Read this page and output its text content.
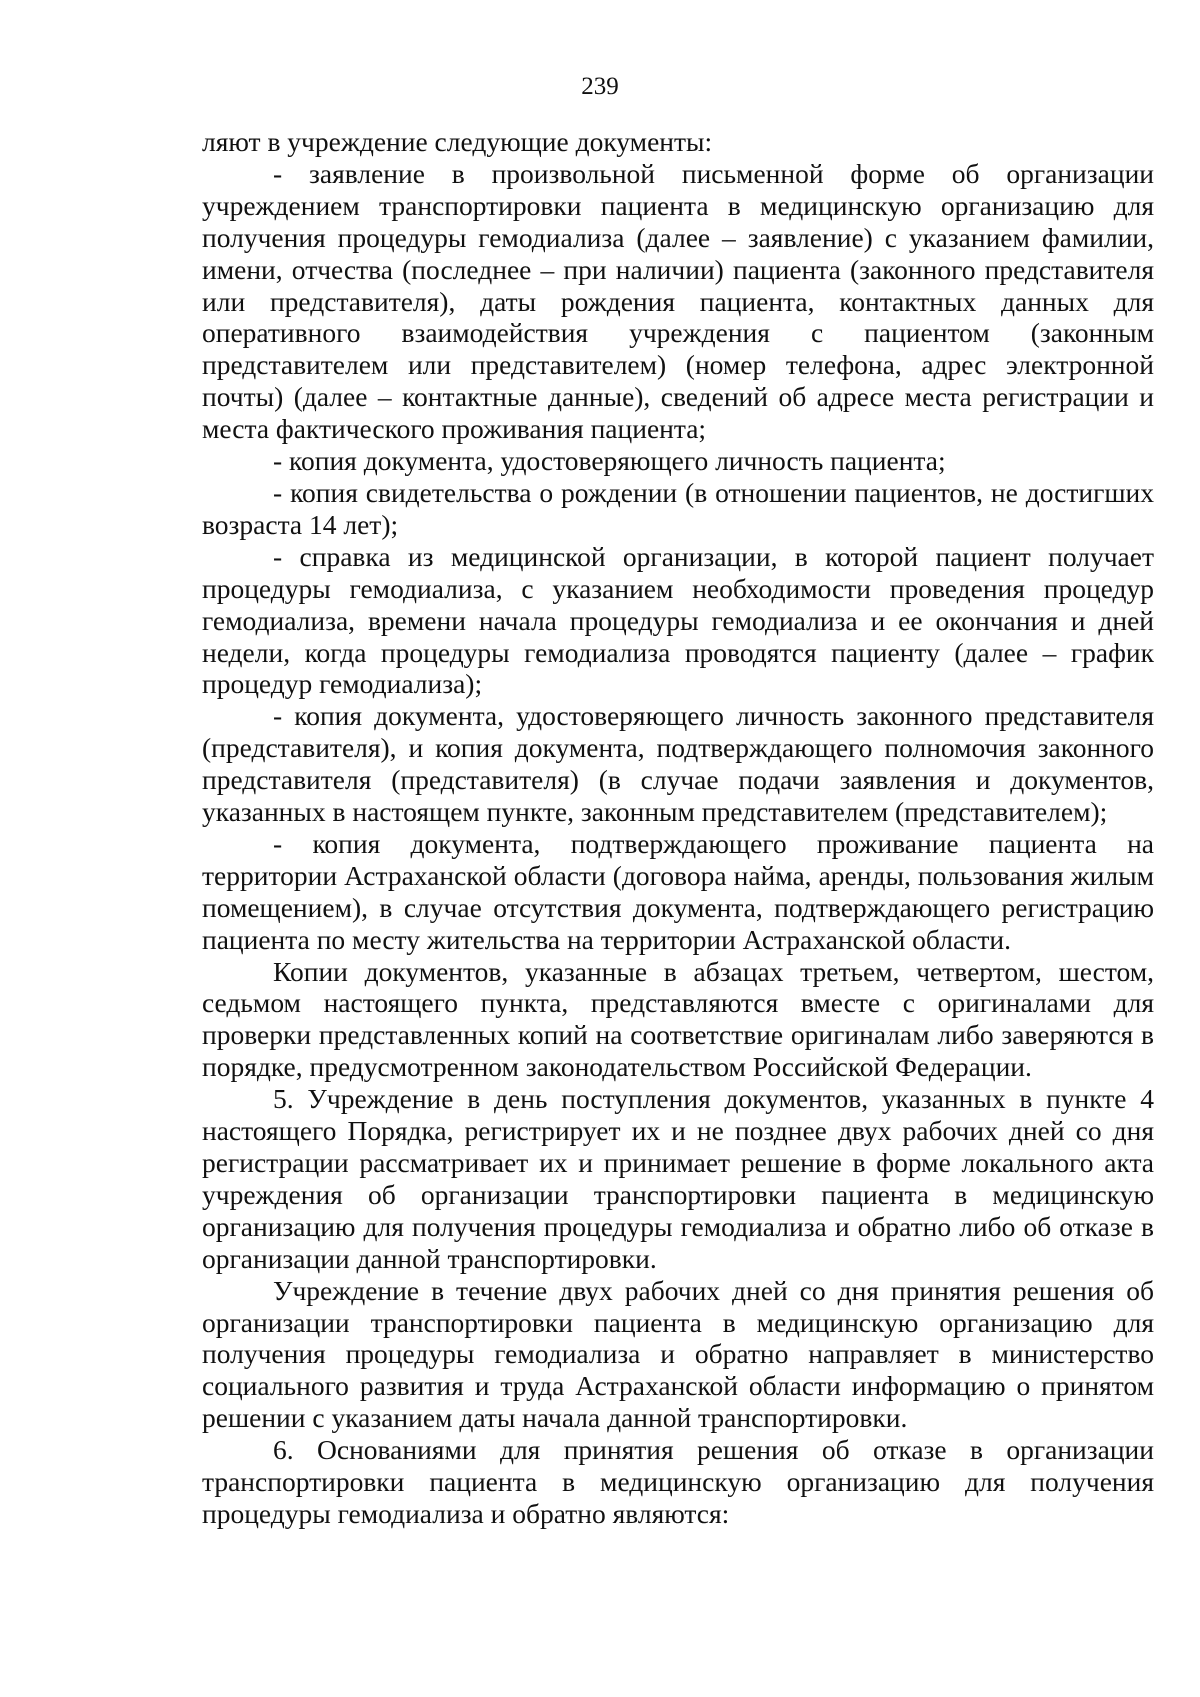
239

ляют в учреждение следующие документы:

- заявление в произвольной письменной форме об организации учреждением транспортировки пациента в медицинскую организацию для получения процедуры гемодиализа (далее – заявление) с указанием фамилии, имени, отчества (последнее – при наличии) пациента (законного представителя или представителя), даты рождения пациента, контактных данных для оперативного взаимодействия учреждения с пациентом (законным представителем или представителем) (номер телефона, адрес электронной почты) (далее – контактные данные), сведений об адресе места регистрации и места фактического проживания пациента;

- копия документа, удостоверяющего личность пациента;

- копия свидетельства о рождении (в отношении пациентов, не достигших возраста 14 лет);

- справка из медицинской организации, в которой пациент получает процедуры гемодиализа, с указанием необходимости проведения процедур гемодиализа, времени начала процедуры гемодиализа и ее окончания и дней недели, когда процедуры гемодиализа проводятся пациенту (далее – график процедур гемодиализа);

- копия документа, удостоверяющего личность законного представителя (представителя), и копия документа, подтверждающего полномочия законного представителя (представителя) (в случае подачи заявления и документов, указанных в настоящем пункте, законным представителем (представителем);

- копия документа, подтверждающего проживание пациента на территории Астраханской области (договора найма, аренды, пользования жилым помещением), в случае отсутствия документа, подтверждающего регистрацию пациента по месту жительства на территории Астраханской области.

Копии документов, указанные в абзацах третьем, четвертом, шестом, седьмом настоящего пункта, представляются вместе с оригиналами для проверки представленных копий на соответствие оригиналам либо заверяются в порядке, предусмотренном законодательством Российской Федерации.

5. Учреждение в день поступления документов, указанных в пункте 4 настоящего Порядка, регистрирует их и не позднее двух рабочих дней со дня регистрации рассматривает их и принимает решение в форме локального акта учреждения об организации транспортировки пациента в медицинскую организацию для получения процедуры гемодиализа и обратно либо об отказе в организации данной транспортировки.

Учреждение в течение двух рабочих дней со дня принятия решения об организации транспортировки пациента в медицинскую организацию для получения процедуры гемодиализа и обратно направляет в министерство социального развития и труда Астраханской области информацию о принятом решении с указанием даты начала данной транспортировки.

6. Основаниями для принятия решения об отказе в организации транспортировки пациента в медицинскую организацию для получения процедуры гемодиализа и обратно являются:
